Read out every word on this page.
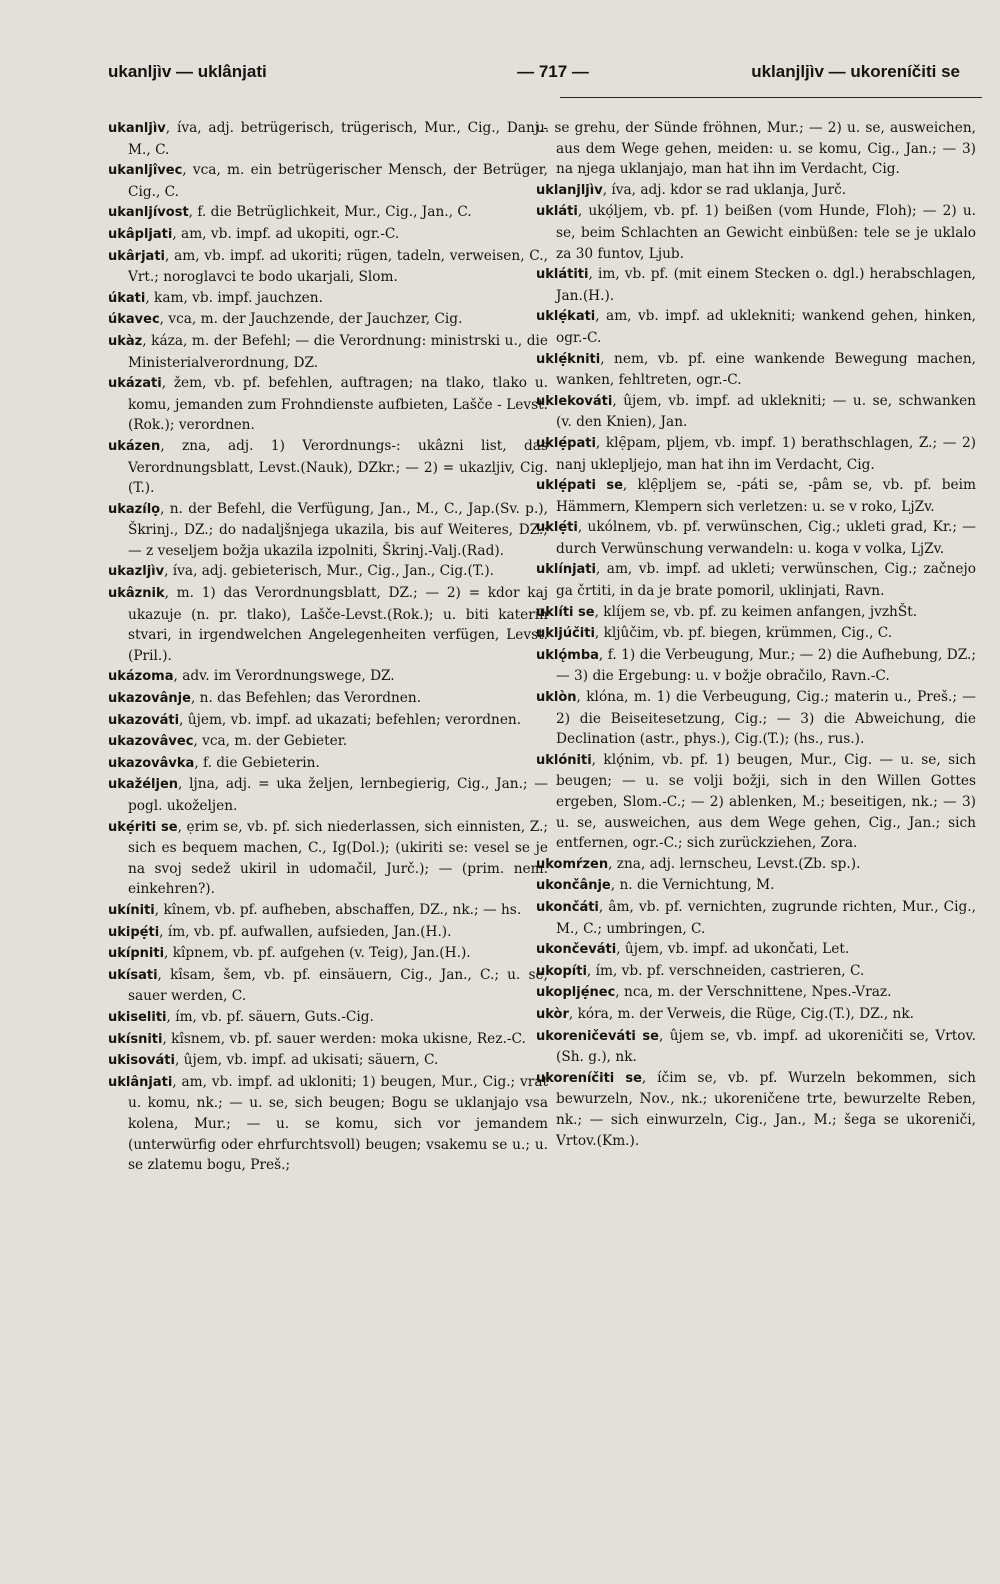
ukanljìv — uklânjati	— 717 —	uklanjljìv — ukoreníčiti se

ukanljìv, íva, adj. betrügerisch, trügerisch, Mur., Cig., Danj.-M., C.

ukanljîvec, vca, m. ein betrügerischer Mensch, der Betrüger, Cig., C.

ukanljívost, f. die Betrüglichkeit, Mur., Cig., Jan., C.

ukâpljati, am, vb. impf. ad ukopiti, ogr.-C.

ukârjati, am, vb. impf. ad ukoriti; rügen, tadeln, verweisen, C., Vrt.; noroglavci te bodo ukarjali, Slom.

úkati, kam, vb. impf. jauchzen.

úkavec, vca, m. der Jauchzende, der Jauchzer, Cig.

ukàz, káza, m. der Befehl; — die Verordnung: ministrski u., die Ministerialverordnung, DZ.

ukázati, žem, vb. pf. befehlen, auftragen; na tlako, tlako u. komu, jemanden zum Frohndienste aufbieten, Lašče - Levst.(Rok.); verordnen.

ukázen, zna, adj. 1) Verordnungs-: ukâzni list, das Verordnungsblatt, Levst.(Nauk), DZkr.; — 2) = ukazljiv, Cig.(T.).

ukazílọ, n. der Befehl, die Verfügung, Jan., M., C., Jap.(Sv. p.), Škrinj., DZ.; do nadaljšnjega ukazila, bis auf Weiteres, DZ.; — z veseljem božja ukazila izpolniti, Škrinj.-Valj.(Rad).

ukazljìv, íva, adj. gebieterisch, Mur., Cig., Jan., Cig.(T.).

ukâznik, m. 1) das Verordnungsblatt, DZ.; — 2) = kdor kaj ukazuje (n. pr. tlako), Lašče-Levst.(Rok.); u. biti katerih stvari, in irgendwelchen Angelegenheiten verfügen, Levst.(Pril.).

ukázoma, adv. im Verordnungswege, DZ.

ukazovânje, n. das Befehlen; das Verordnen.

ukazováti, ûjem, vb. impf. ad ukazati; befehlen; verordnen.

ukazovâvec, vca, m. der Gebieter.

ukazovâvka, f. die Gebieterin.

ukažéljen, ljna, adj. = uka željen, lernbegierig, Cig., Jan.; — pogl. ukoželjen.

ukẹ́riti se, ẹrim se, vb. pf. sich niederlassen, sich einnisten, Z.; sich es bequem machen, C., Ig(Dol.); (ukiriti se: vesel se je na svoj sedež ukiril in udomačil, Jurč.); — (prim. nem. einkehren?).

ukíniti, kînem, vb. pf. aufheben, abschaffen, DZ., nk.; — hs.

ukipẹ́ti, ím, vb. pf. aufwallen, aufsieden, Jan.(H.).

ukípniti, kîpnem, vb. pf. aufgehen (v. Teig), Jan.(H.).

ukísati, kîsam, šem, vb. pf. einsäuern, Cig., Jan., C.; u. se, sauer werden, C.

ukiseliti, ím, vb. pf. säuern, Guts.-Cig.

ukísniti, kîsnem, vb. pf. sauer werden: moka ukisne, Rez.-C.

ukisováti, ûjem, vb. impf. ad ukisati; säuern, C.

uklânjati, am, vb. impf. ad ukloniti; 1) beugen, Mur., Cig.; vrat u. komu, nk.; — u. se, sich beugen; Bogu se uklanjajo vsa kolena, Mur.; — u. se komu, sich vor jemandem (unterwürfig oder ehrfurchtsvoll) beugen; vsakemu se u.; u. se zlatemu bogu, Preš.;

u. se grehu, der Sünde fröhnen, Mur.; — 2) u. se, ausweichen, aus dem Wege gehen, meiden: u. se komu, Cig., Jan.; — 3) na njega uklanjajo, man hat ihn im Verdacht, Cig.

uklanjljìv, íva, adj. kdor se rad uklanja, Jurč.

ukláti, ukọ́ljem, vb. pf. 1) beißen (vom Hunde, Floh); — 2) u. se, beim Schlachten an Gewicht einbüßen: tele se je uklalo za 30 funtov, Ljub.

uklátiti, im, vb. pf. (mit einem Stecken o. dgl.) herabschlagen, Jan.(H.).

uklẹ́kati, am, vb. impf. ad uklekniti; wankend gehen, hinken, ogr.-C.

uklẹ́kniti, nem, vb. pf. eine wankende Bewegung machen, wanken, fehltreten, ogr.-C.

uklekováti, ûjem, vb. impf. ad uklekniti; — u. se, schwanken (v. den Knien), Jan.

uklẹ́pati, klẹ̑pam, pljem, vb. impf. 1) berathschlagen, Z.; — 2) nanj uklepljejo, man hat ihn im Verdacht, Cig.

uklẹ́pati se, klẹ̑pljem se, -páti se, -pâm se, vb. pf. beim Hämmern, Klempern sich verletzen: u. se v roko, LjZv.

uklẹ́ti, ukólnem, vb. pf. verwünschen, Cig.; ukleti grad, Kr.; — durch Verwünschung verwandeln: u. koga v volka, LjZv.

uklínjati, am, vb. impf. ad ukleti; verwünschen, Cig.; začnejo ga črtiti, in da je brate pomoril, uklinjati, Ravn.

uklíti se, klíjem se, vb. pf. zu keimen anfangen, jvzhŠt.

ukljúčiti, kljûčim, vb. pf. biegen, krümmen, Cig., C.

uklǫ́mba, f. 1) die Verbeugung, Mur.; — 2) die Aufhebung, DZ.; — 3) die Ergebung: u. v božje obračilo, Ravn.-C.

uklòn, klóna, m. 1) die Verbeugung, Cig.; materin u., Preš.; — 2) die Beiseitesetzung, Cig.; — 3) die Abweichung, die Declination (astr., phys.), Cig.(T.); (hs., rus.).

uklóniti, klǫ́nim, vb. pf. 1) beugen, Mur., Cig. — u. se, sich beugen; — u. se volji božji, sich in den Willen Gottes ergeben, Slom.-C.; — 2) ablenken, M.; beseitigen, nk.; — 3) u. se, ausweichen, aus dem Wege gehen, Cig., Jan.; sich entfernen, ogr.-C.; sich zurückziehen, Zora.

ukomŕzen, zna, adj. lernscheu, Levst.(Zb. sp.).

ukončânje, n. die Vernichtung, M.

ukončáti, âm, vb. pf. vernichten, zugrunde richten, Mur., Cig., M., C.; umbringen, C.

ukončeváti, ûjem, vb. impf. ad ukončati, Let.

ukopíti, ím, vb. pf. verschneiden, castrieren, C.

ukopljẹ́nec, nca, m. der Verschnittene, Npes.-Vraz.

ukòr, kóra, m. der Verweis, die Rüge, Cig.(T.), DZ., nk.

ukoreničeváti se, ûjem se, vb. impf. ad ukoreničiti se, Vrtov.(Sh. g.), nk.

ukoreníčiti se, íčim se, vb. pf. Wurzeln bekommen, sich bewurzeln, Nov., nk.; ukoreničene trte, bewurzelte Reben, nk.; — sich einwurzeln, Cig., Jan., M.; šega se ukoreniči, Vrtov.(Km.).
